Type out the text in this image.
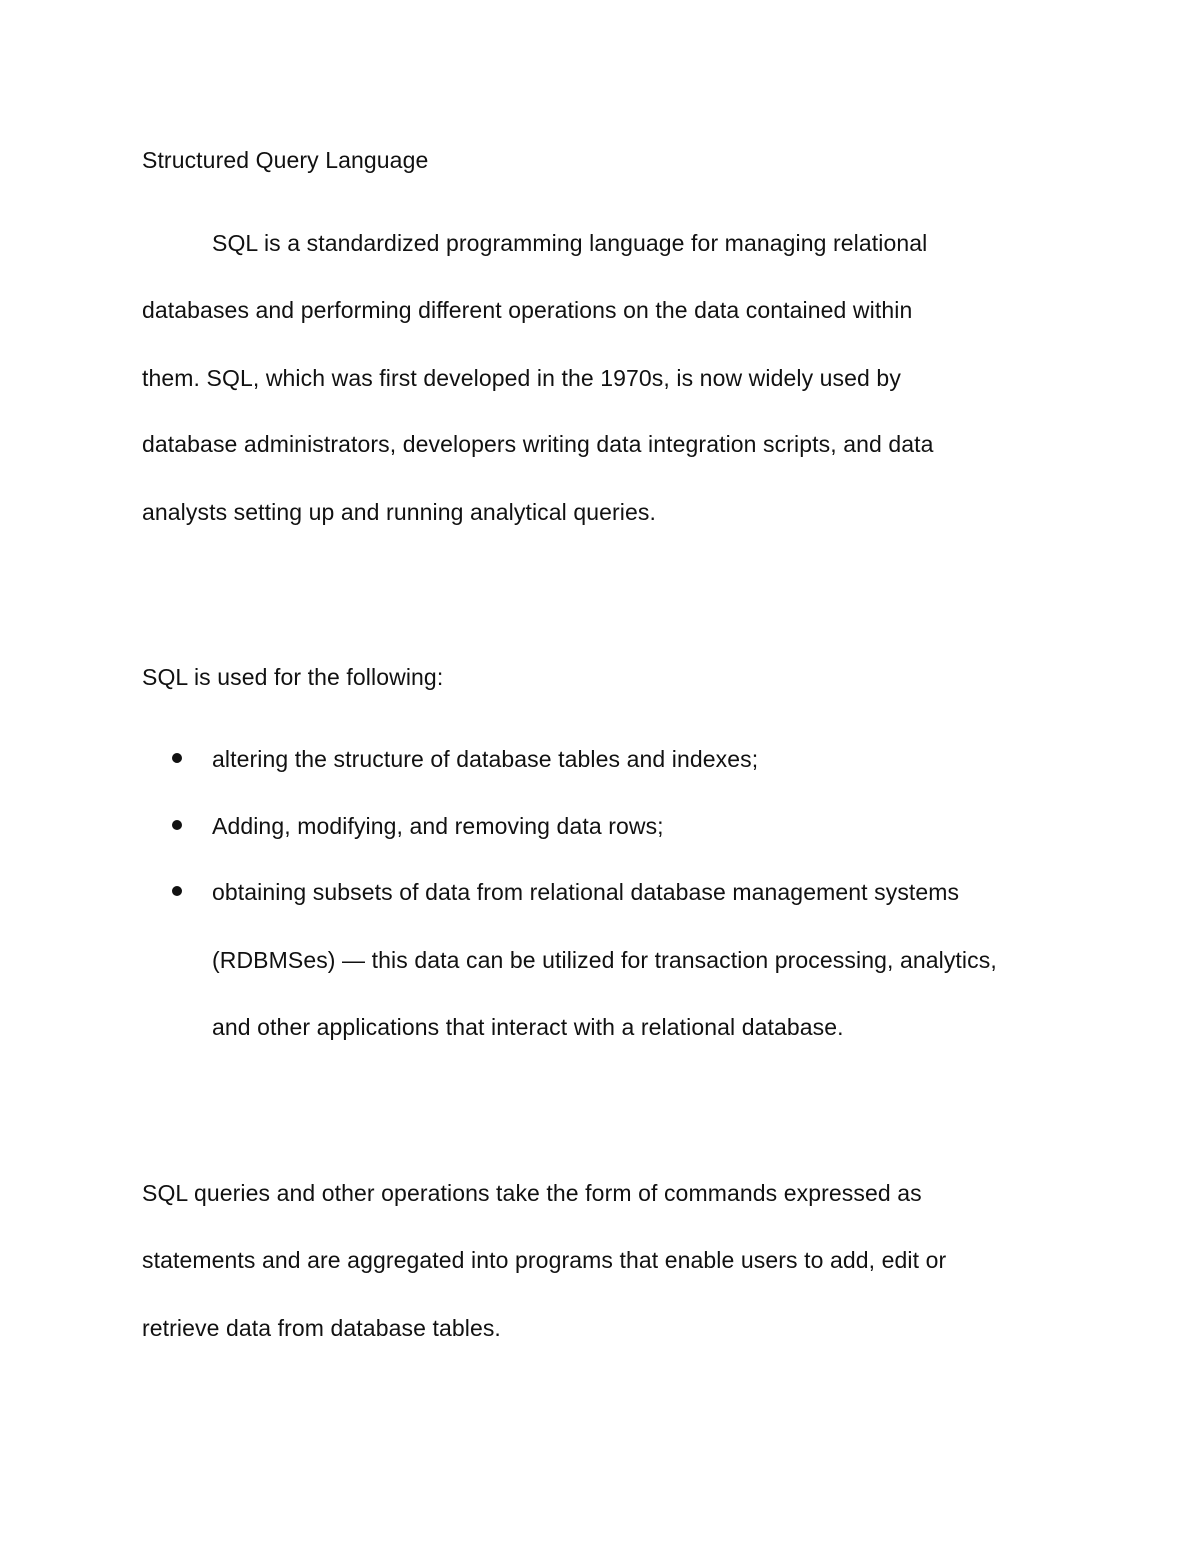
Structured Query Language
SQL is a standardized programming language for managing relational
databases and performing different operations on the data contained within
them. SQL, which was first developed in the 1970s, is now widely used by
database administrators, developers writing data integration scripts, and data
analysts setting up and running analytical queries.
SQL is used for the following:
altering the structure of database tables and indexes;
Adding, modifying, and removing data rows;
obtaining subsets of data from relational database management systems
(RDBMSes) — this data can be utilized for transaction processing, analytics,
and other applications that interact with a relational database.
SQL queries and other operations take the form of commands expressed as
statements and are aggregated into programs that enable users to add, edit or
retrieve data from database tables.
